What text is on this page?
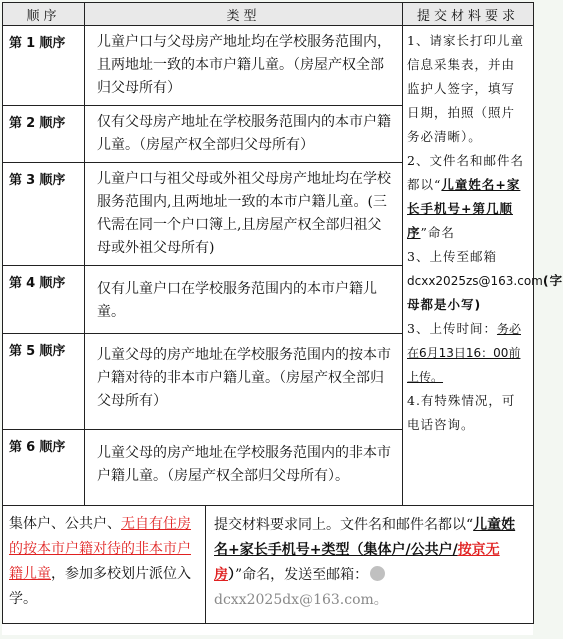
顺序	类型	提交材料要求
第 1 顺序	儿童户口与父母房产地址均在学校服务范围内，且两地址一致的本市户籍儿童。（房屋产权全部归父母所有）	1、请家长打印儿童信息采集表，并由监护人签字，填写日期，拍照（照片务必清晰）。
2、文件名和邮件名都以“儿童姓名+家长手机号+第几顺序”命名
3、上传至邮箱dcxx2025zs@163.com(字母都是小写)
3、上传时间：务必在6月13日16：00前上传。
4.有特殊情况，可电话咨询。

第 2 顺序	仅有父母房产地址在学校服务范围内的本市户籍儿童。（房屋产权全部归父母所有）	
第 3 顺序	儿童户口与祖父母或外祖父母房产地址均在学校服务范围内,且两地址一致的本市户籍儿童。(三代需在同一个户口簿上,且房屋产权全部归祖父母或外祖父母所有)	
第 4 顺序	仅有儿童户口在学校服务范围内的本市户籍儿童。	
第 5 顺序	儿童父母的房产地址在学校服务范围内的按本市户籍对待的非本市户籍儿童。（房屋产权全部归父母所有）	
第 6 顺序	儿童父母的房产地址在学校服务范围内的非本市户籍儿童。（房屋产权全部归父母所有）。	
集体户、公共户、无自有住房的按本市户籍对待的非本市户籍儿童，参加多校划片派位入学。	提交材料要求同上。文件名和邮件名都以“儿童姓名+家长手机号+类型（集体户/公共户/按京无房）”命名，发送至邮箱：dcxx2025dx@163.com。
